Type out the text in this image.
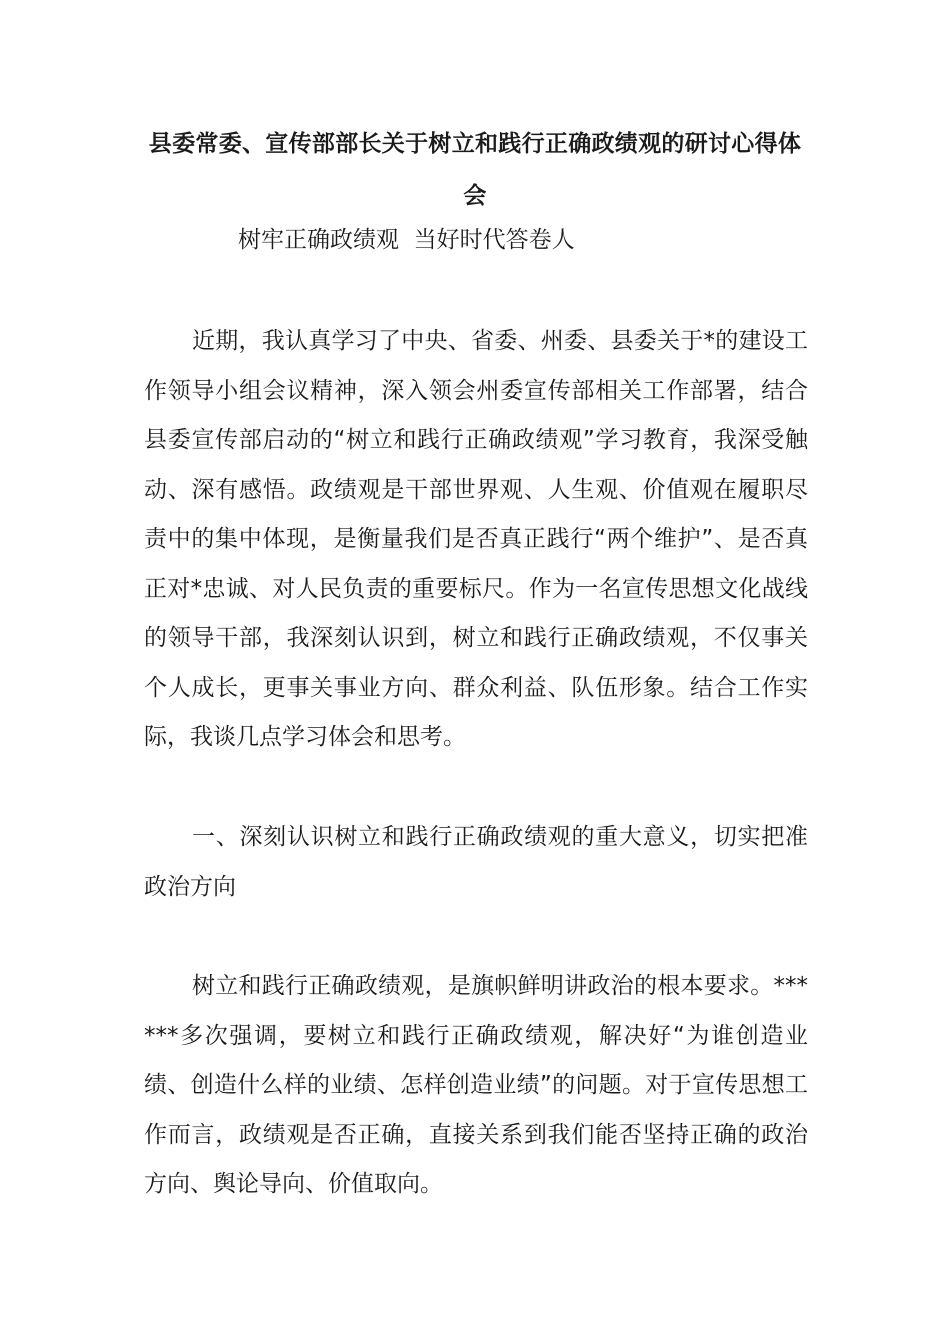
县委常委、宣传部部长关于树立和践行正确政绩观的研讨心得体会

树牢正确政绩观  当好时代答卷人

近期，我认真学习了中央、省委、州委、县委关于*的建设工作领导小组会议精神，深入领会州委宣传部相关工作部署，结合县委宣传部启动的“树立和践行正确政绩观”学习教育，我深受触动、深有感悟。政绩观是干部世界观、人生观、价值观在履职尽责中的集中体现，是衡量我们是否真正践行“两个维护”、是否真正对*忠诚、对人民负责的重要标尺。作为一名宣传思想文化战线的领导干部，我深刻认识到，树立和践行正确政绩观，不仅事关个人成长，更事关事业方向、群众利益、队伍形象。结合工作实际，我谈几点学习体会和思考。

一、深刻认识树立和践行正确政绩观的重大意义，切实把准政治方向

树立和践行正确政绩观，是旗帜鲜明讲政治的根本要求。******多次强调，要树立和践行正确政绩观，解决好“为谁创造业绩、创造什么样的业绩、怎样创造业绩”的问题。对于宣传思想工作而言，政绩观是否正确，直接关系到我们能否坚持正确的政治方向、舆论导向、价值取向。
